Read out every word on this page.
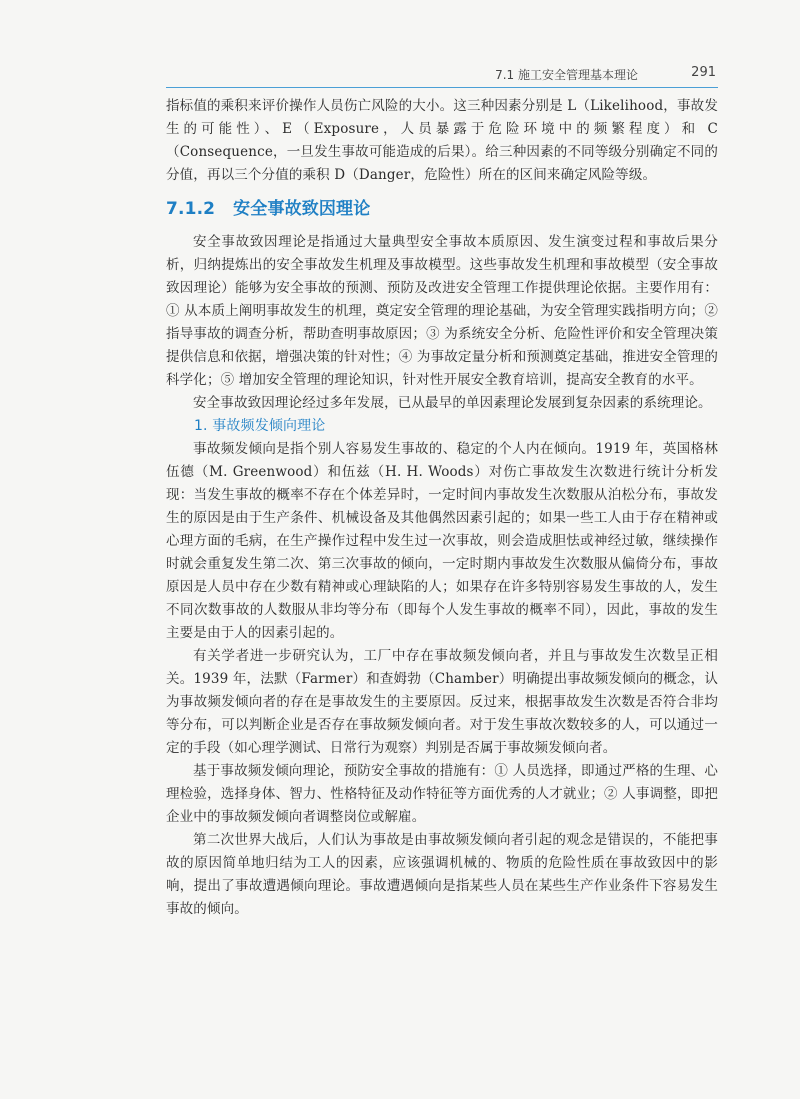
7.1 施工安全管理基本理论	291

指标值的乘积来评价操作人员伤亡风险的大小。这三种因素分别是 L（Likelihood，事故发生的可能性）、E（Exposure，人员暴露于危险环境中的频繁程度）和 C（Consequence，一旦发生事故可能造成的后果）。给三种因素的不同等级分别确定不同的分值，再以三个分值的乘积 D（Danger，危险性）所在的区间来确定风险等级。

7.1.2 安全事故致因理论

安全事故致因理论是指通过大量典型安全事故本质原因、发生演变过程和事故后果分析，归纳提炼出的安全事故发生机理及事故模型。这些事故发生机理和事故模型（安全事故致因理论）能够为安全事故的预测、预防及改进安全管理工作提供理论依据。主要作用有：① 从本质上阐明事故发生的机理，奠定安全管理的理论基础，为安全管理实践指明方向；② 指导事故的调查分析，帮助查明事故原因；③ 为系统安全分析、危险性评价和安全管理决策提供信息和依据，增强决策的针对性；④ 为事故定量分析和预测奠定基础，推进安全管理的科学化；⑤ 增加安全管理的理论知识，针对性开展安全教育培训，提高安全教育的水平。

安全事故致因理论经过多年发展，已从最早的单因素理论发展到复杂因素的系统理论。

1. 事故频发倾向理论

事故频发倾向是指个别人容易发生事故的、稳定的个人内在倾向。1919 年，英国格林伍德（M. Greenwood）和伍兹（H. H. Woods）对伤亡事故发生次数进行统计分析发现：当发生事故的概率不存在个体差异时，一定时间内事故发生次数服从泊松分布，事故发生的原因是由于生产条件、机械设备及其他偶然因素引起的；如果一些工人由于存在精神或心理方面的毛病，在生产操作过程中发生过一次事故，则会造成胆怯或神经过敏，继续操作时就会重复发生第二次、第三次事故的倾向，一定时期内事故发生次数服从偏倚分布，事故原因是人员中存在少数有精神或心理缺陷的人；如果存在许多特别容易发生事故的人，发生不同次数事故的人数服从非均等分布（即每个人发生事故的概率不同），因此，事故的发生主要是由于人的因素引起的。

有关学者进一步研究认为，工厂中存在事故频发倾向者，并且与事故发生次数呈正相关。1939 年，法默（Farmer）和查姆勃（Chamber）明确提出事故频发倾向的概念，认为事故频发倾向者的存在是事故发生的主要原因。反过来，根据事故发生次数是否符合非均等分布，可以判断企业是否存在事故频发倾向者。对于发生事故次数较多的人，可以通过一定的手段（如心理学测试、日常行为观察）判别是否属于事故频发倾向者。

基于事故频发倾向理论，预防安全事故的措施有：① 人员选择，即通过严格的生理、心理检验，选择身体、智力、性格特征及动作特征等方面优秀的人才就业；② 人事调整，即把企业中的事故频发倾向者调整岗位或解雇。

第二次世界大战后，人们认为事故是由事故频发倾向者引起的观念是错误的，不能把事故的原因简单地归结为工人的因素，应该强调机械的、物质的危险性质在事故致因中的影响，提出了事故遭遇倾向理论。事故遭遇倾向是指某些人员在某些生产作业条件下容易发生事故的倾向。
